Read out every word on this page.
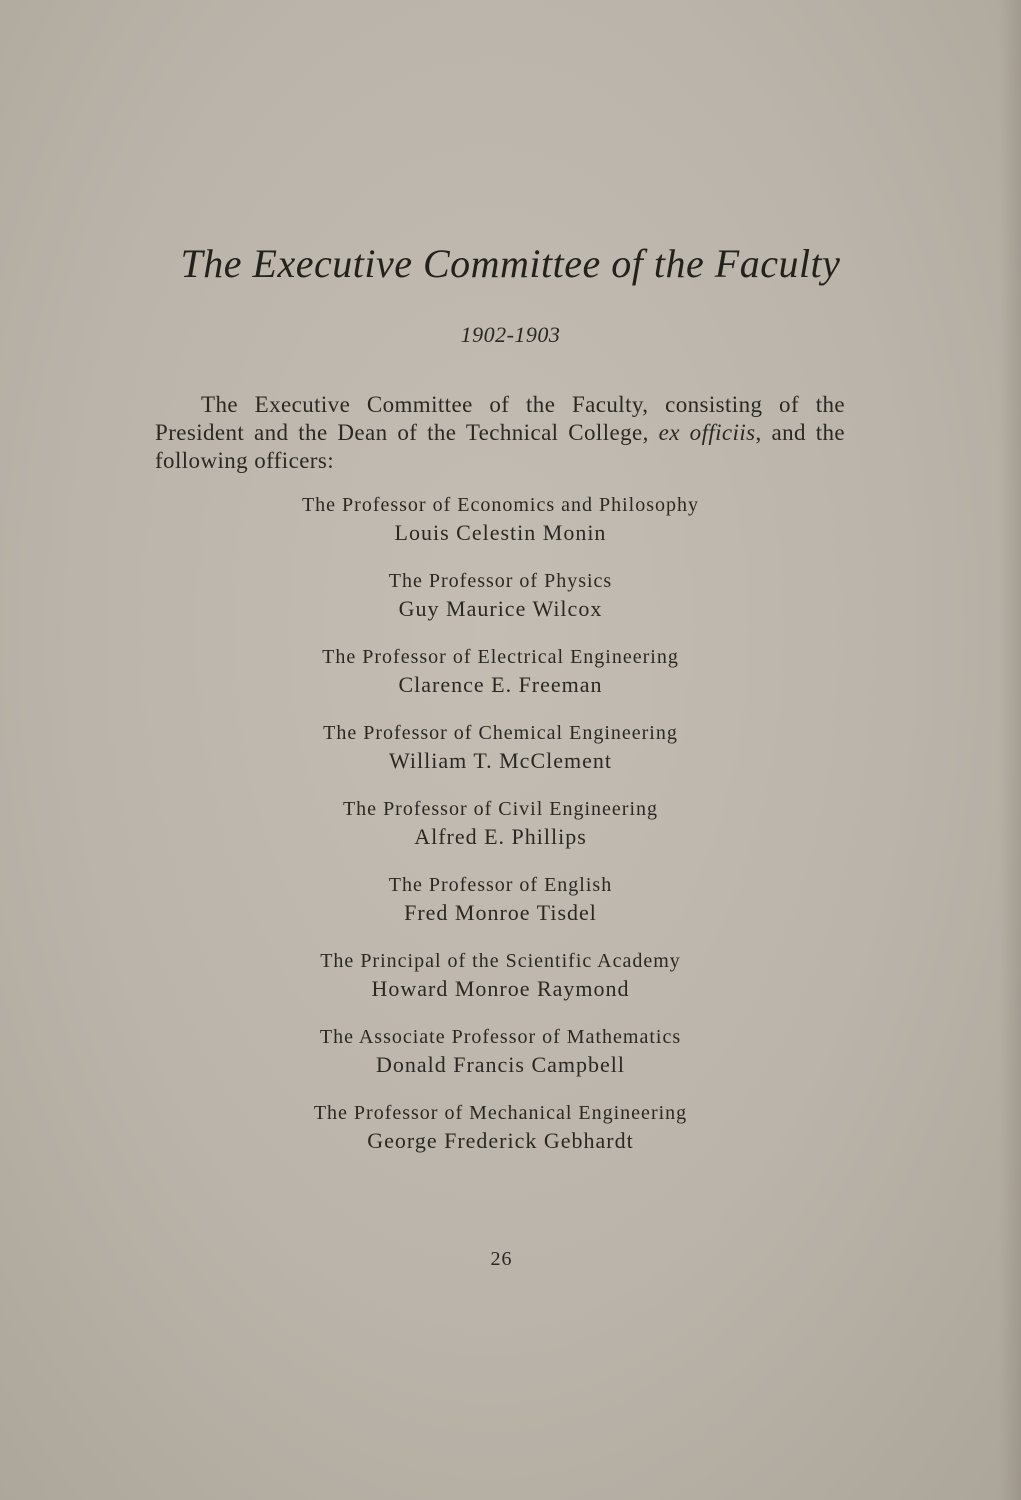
The Executive Committee of the Faculty
1902-1903

The Executive Committee of the Faculty, consisting of the President and the Dean of the Technical College, ex officiis, and the following officers:

The Professor of Economics and Philosophy
Louis Celestin Monin
The Professor of Physics
Guy Maurice Wilcox
The Professor of Electrical Engineering
Clarence E. Freeman
The Professor of Chemical Engineering
William T. McClement
The Professor of Civil Engineering
Alfred E. Phillips
The Professor of English
Fred Monroe Tisdel
The Principal of the Scientific Academy
Howard Monroe Raymond
The Associate Professor of Mathematics
Donald Francis Campbell
The Professor of Mechanical Engineering
George Frederick Gebhardt
26
